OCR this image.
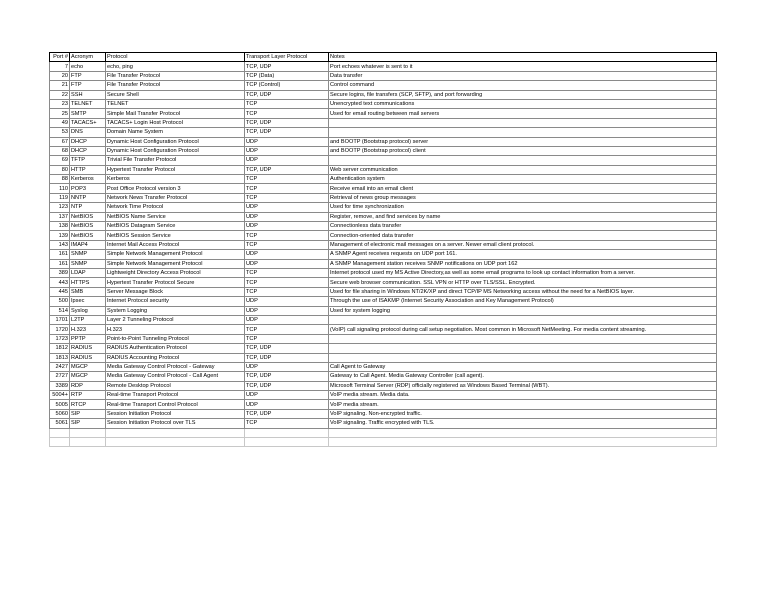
Port #	Acronym	Protocol	Transport Layer Protocol	Notes
7	echo	echo, ping	TCP, UDP	Port echoes whatever is sent to it
20	FTP	File Transfer Protocol	TCP (Data)	Data transfer
21	FTP	File Transfer Protocol	TCP (Control)	Control command
22	SSH	Secure Shell	TCP, UDP	Secure logins, file transfers (SCP, SFTP), and port forwarding
23	TELNET	TELNET	TCP	Unencrypted text communications
25	SMTP	Simple Mail Transfer Protocol	TCP	Used for email routing between mail servers
49	TACACS+	TACACS+ Login Host Protocol	TCP, UDP	
53	DNS	Domain Name System	TCP, UDP	
67	DHCP	Dynamic Host Configuration Protocol	UDP	and BOOTP (Bootstrap protocol) server
68	DHCP	Dynamic Host Configuration Protocol	UDP	and BOOTP (Bootstrap protocol) client
69	TFTP	Trivial File Transfer Protocol	UDP	
80	HTTP	Hypertext Transfer Protocol	TCP, UDP	Web server communication
88	Kerberos	Kerberos	TCP	Authentication system
110	POP3	Post Office Protocol version 3	TCP	Receive email into an email client
119	NNTP	Network News Transfer Protocol	TCP	Retrieval of news group messages
123	NTP	Network Time Protocol	UDP	Used for time synchronization
137	NetBIOS	NetBIOS Name Service	UDP	Register, remove, and find services by name
138	NetBIOS	NetBIOS Datagram Service	UDP	Connectionless data transfer
139	NetBIOS	NetBIOS Session Service	TCP	Connection-oriented data transfer
143	IMAP4	Internet Mail Access Protocol	TCP	Management of electronic mail messages on a server. Newer email client protocol.
161	SNMP	Simple Network Management Protocol	UDP	A SNMP Agent receives requests on UDP port 161.
161	SNMP	Simple Network Management Protocol	UDP	A SNMP Management station receives SNMP notifications on UDP port 162
389	LDAP	Lightweight Directory Access Protocol	TCP	Internet protocol used my MS Active Directory,as well as some email programs to look up contact information from a server.
443	HTTPS	Hypertext Transfer Protocol Secure	TCP	Secure web browser communication. SSL VPN or HTTP over TLS/SSL. Encrypted.
445	SMB	Server Message Block	TCP	Used for file sharing in Windows NT/2K/XP and direct TCP/IP MS Networking access without the need for a NetBIOS layer.
500	Ipsec	Internet Protocol security	UDP	Through the use of ISAKMP (Internet Security Association and Key Management Protocol)
514	Syslog	System Logging	UDP	Used for system logging
1701	L2TP	Layer 2 Tunneling Protocol	UDP	
1720	H.323	H.323	TCP	(VoIP) call signaling protocol during call setup negotiation. Most common in Microsoft NetMeeting. For media content streaming.
1723	PPTP	Point-to-Point Tunneling Protocol	TCP	
1812	RADIUS	RADIUS Authentication Protocol	TCP, UDP	
1813	RADIUS	RADIUS Accounting Protocol	TCP, UDP	
2427	MGCP	Media Gateway Control Protocol - Gateway	UDP	Call Agent to Gateway
2727	MGCP	Media Gateway Control Protocol - Call Agent	TCP, UDP	Gateway to Call Agent. Media Gateway Controller (call agent).
3389	RDP	Remote Desktop Protocol	TCP, UDP	Microsoft Terminal Server (RDP) officially registered as Windows Based Terminal (WBT).
5004+	RTP	Real-time Transport Protocol	UDP	VoIP media stream. Media data.
5005	RTCP	Real-time Transport Control Protocol	UDP	VoIP media stream.
5060	SIP	Session Initiation Protocol	TCP, UDP	VoIP signaling. Non-encrypted traffic.
5061	SIP	Session Initiation Protocol over TLS	TCP	VoIP signaling. Traffic encrypted with TLS.
